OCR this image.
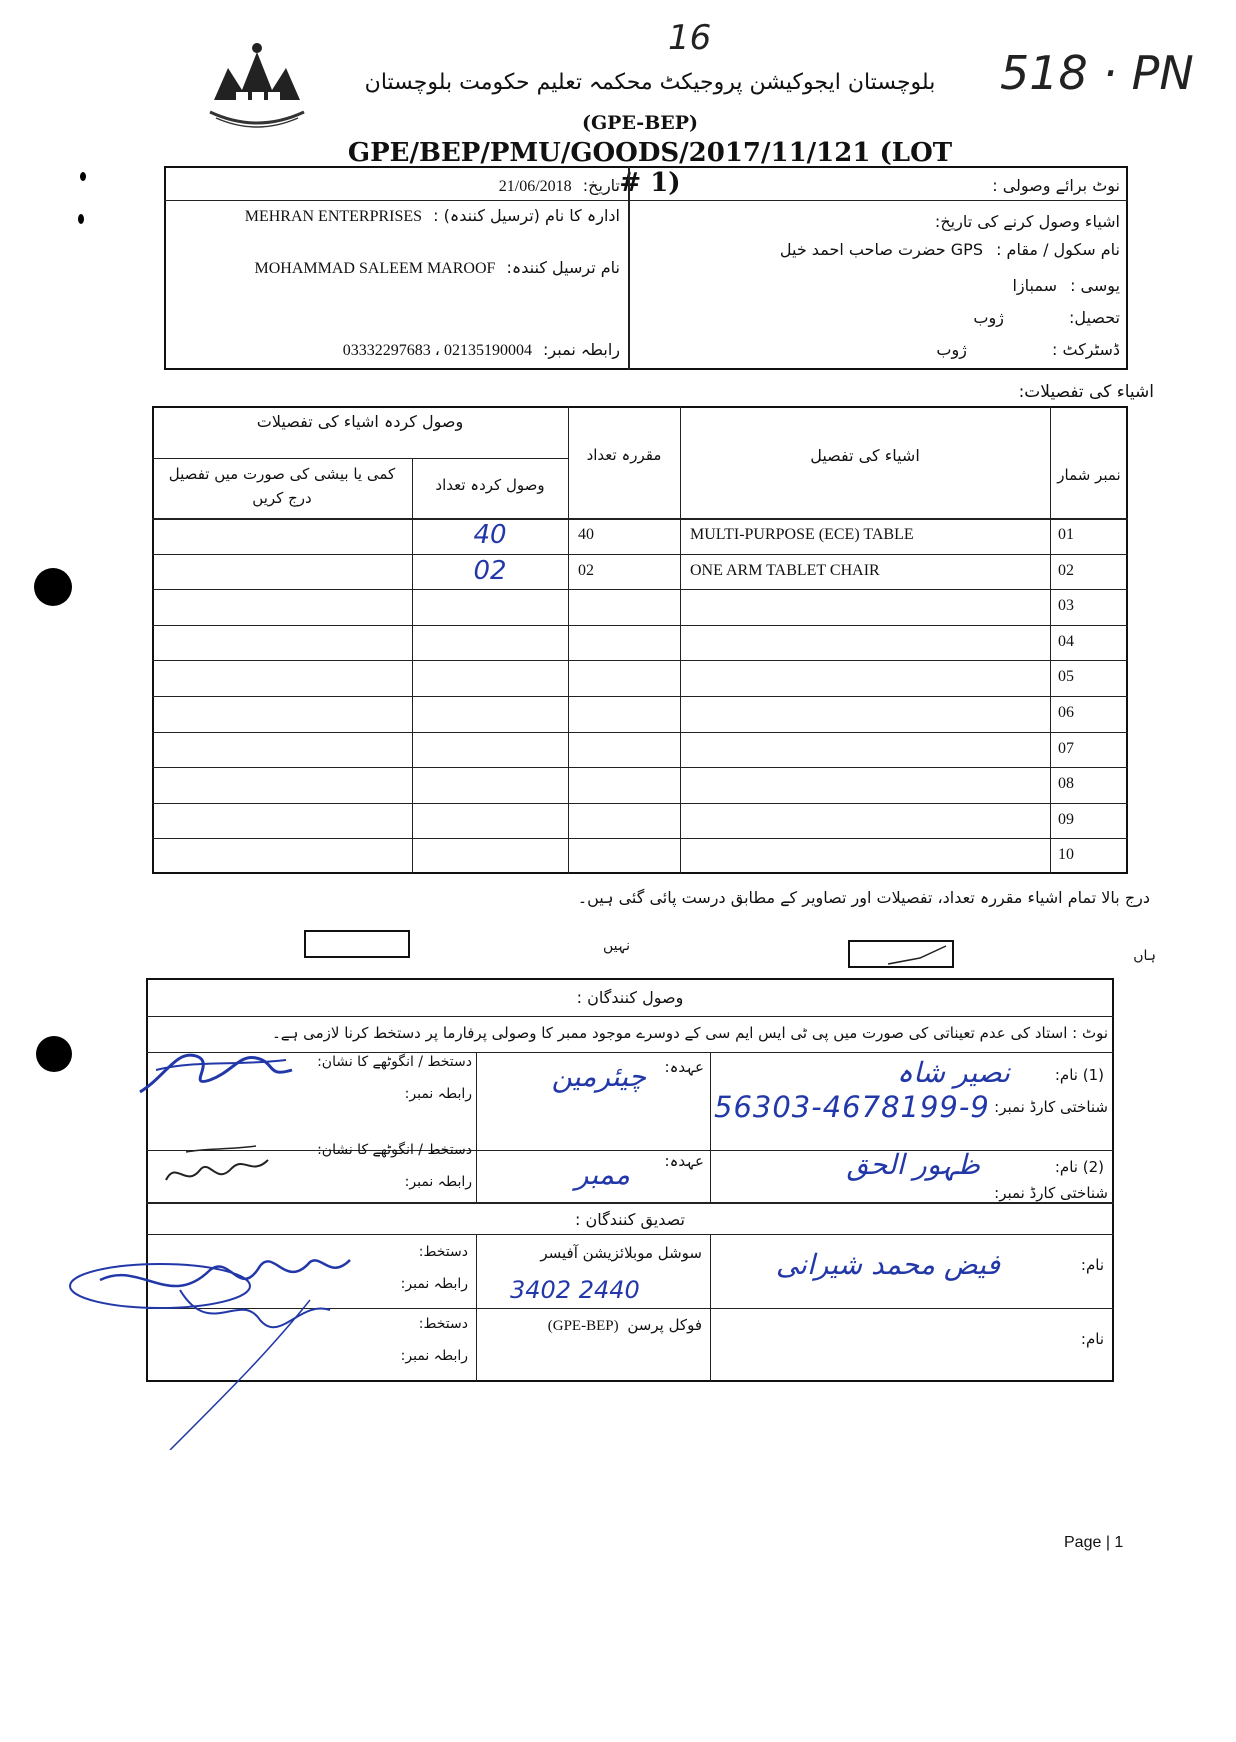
16
518 · PN
بلوچستان ایجوکیشن پروجیکٹ محکمہ تعلیم حکومت بلوچستان
(GPE-BEP)
GPE/BEP/PMU/GOODS/2017/11/121 (LOT # 1)	نوٹ برائے وصولی :
اشیاء وصول کرنے کی تاریخ:
نام سکول / مقام : GPS حضرت صاحب احمد خیل
یوسی : سمبازا
تحصیل: ژوب
ڈسٹرکٹ : ژوب
تاریخ: 21/06/2018
ادارہ کا نام (ترسیل کنندہ) : MEHRAN ENTERPRISES
نام ترسیل کنندہ: MOHAMMAD SALEEM MAROOF
رابطہ نمبر: 02135190004 ، 03332297683
اشیاء کی تفصیلات:
وصول کردہ اشیاء کی تفصیلات
کمی یا بیشی کی صورت میں تفصیل درج کریں
وصول کردہ تعداد
مقررہ تعداد	اشیاء کی تفصیل
نمبر شمار
40	40	MULTI-PURPOSE (ECE) TABLE	01
02	02	ONE ARM TABLET CHAIR	02
03
04
05
06
07
08
09
10
درج بالا تمام اشیاء مقررہ تعداد، تفصیلات اور تصاویر کے مطابق درست پائی گئی ہیں۔
نہیں
ہاں
وصول کنندگان :
نوٹ : استاد کی عدم تعیناتی کی صورت میں پی ٹی ایس ایم سی کے دوسرے موجود ممبر کا وصولی پرفارما پر دستخط کرنا لازمی ہے۔
(1) نام:
نصیر شاہ
شناختی کارڈ نمبر:
56303-4678199-9
عہدہ:
چیئرمین
دستخط / انگوٹھے کا نشان:
رابطہ نمبر:
(2) نام:
ظہور الحق
شناختی کارڈ نمبر:
عہدہ:
ممبر
دستخط / انگوٹھے کا نشان:
رابطہ نمبر:
تصدیق کنندگان :
نام:
فیض محمد شیرانی
سوشل موبلائزیشن آفیسر
دستخط:
رابطہ نمبر: 3402 2440
نام:
فوکل پرسن (GPE-BEP)
دستخط:
رابطہ نمبر:
Page | 1
